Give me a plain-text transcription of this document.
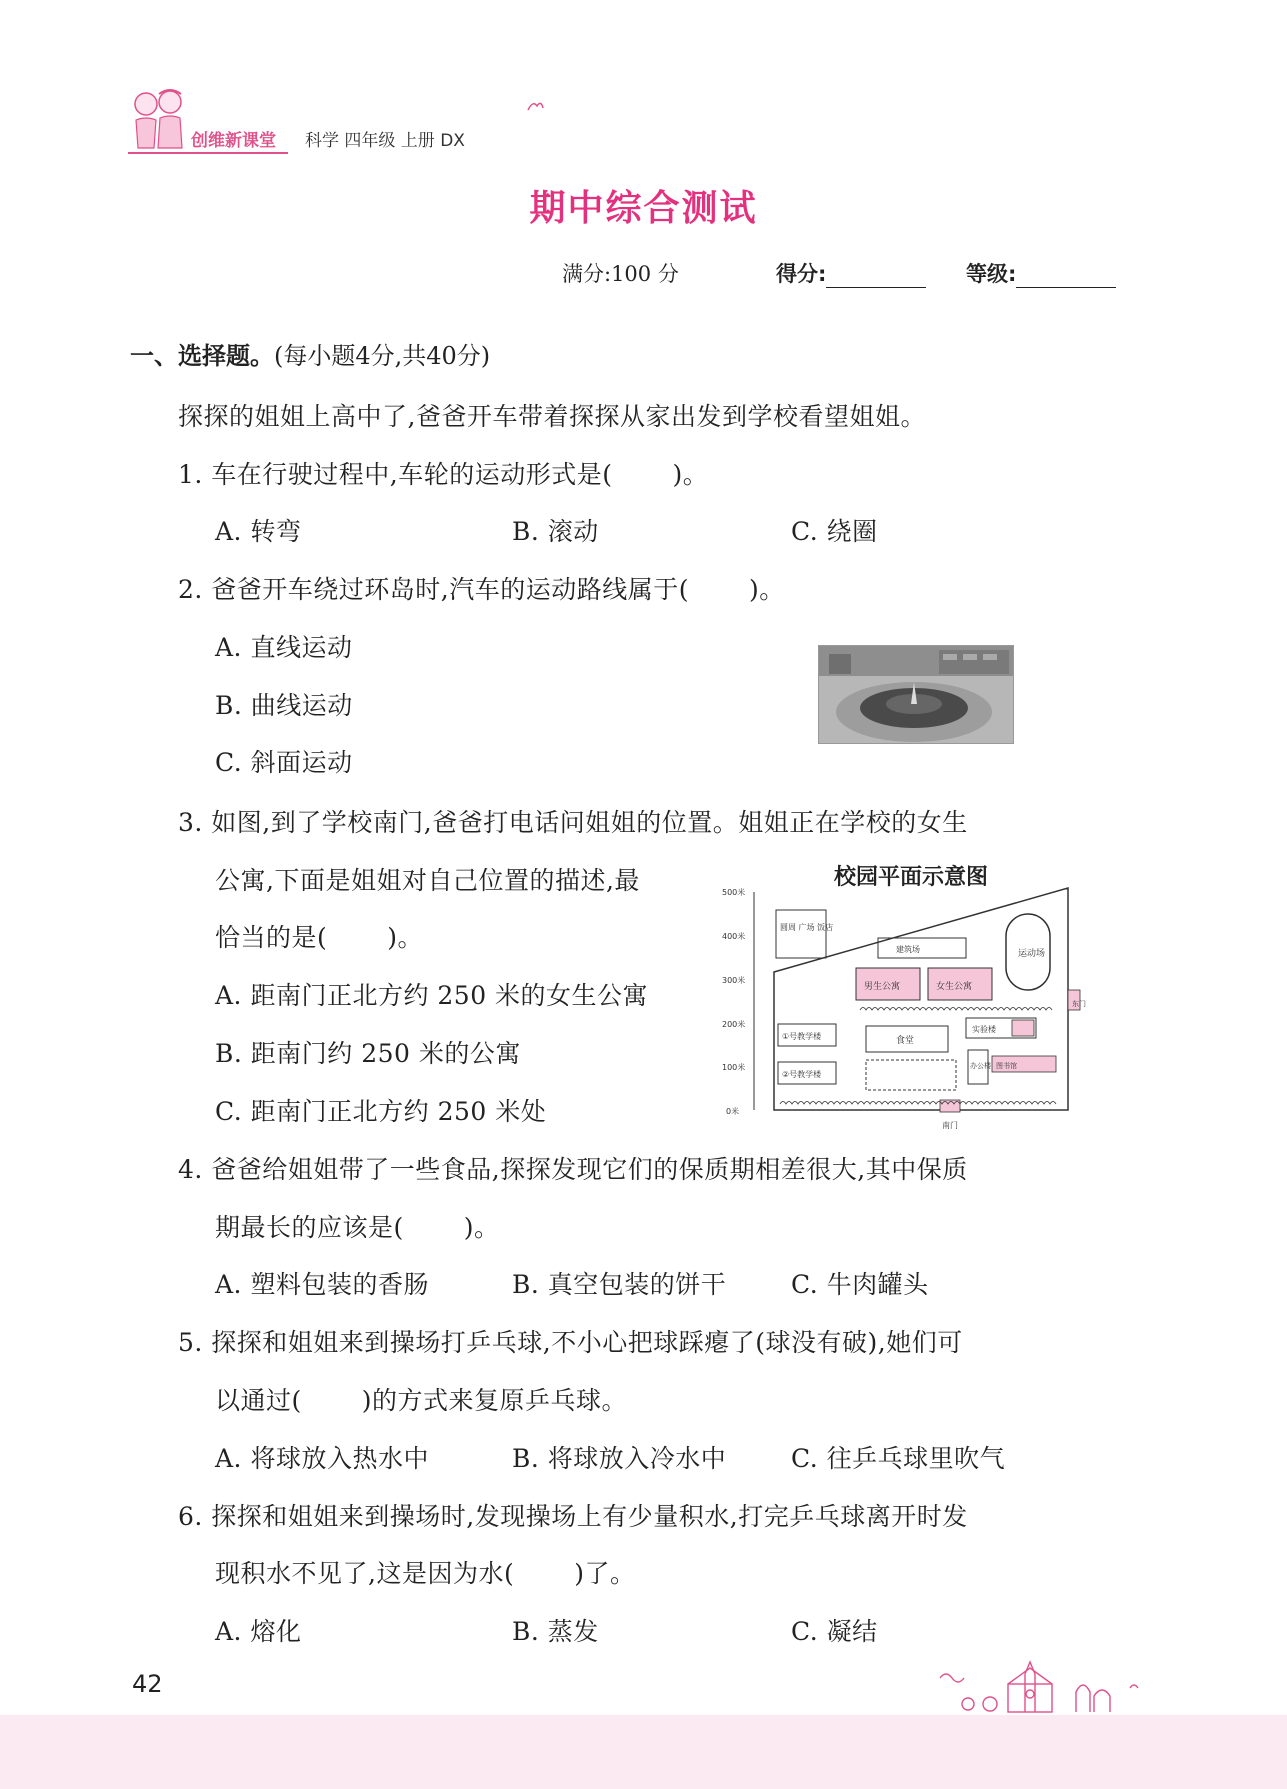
创维新课堂 科学 四年级 上册 DX
期中综合测试
满分:100 分	得分:	等级:
一、选择题。(每小题4分,共40分)
探探的姐姐上高中了,爸爸开车带着探探从家出发到学校看望姐姐。
1. 车在行驶过程中,车轮的运动形式是( )。
A. 转弯	B. 滚动	C. 绕圈
2. 爸爸开车绕过环岛时,汽车的运动路线属于( )。
A. 直线运动
B. 曲线运动
C. 斜面运动
3. 如图,到了学校南门,爸爸打电话问姐姐的位置。姐姐正在学校的女生
公寓,下面是姐姐对自己位置的描述,最
恰当的是( )。
A. 距南门正北方约 250 米的女生公寓
B. 距南门约 250 米的公寓
C. 距南门正北方约 250 米处
校园平面示意图
500米
400米
300米
200米
100米
0米
圆周 广场 饭店
建筑场	运动场
男生公寓	女生公寓
①号教学楼
②号教学楼
食堂
实验楼
办公楼 图书馆
东门
南门
4. 爸爸给姐姐带了一些食品,探探发现它们的保质期相差很大,其中保质
期最长的应该是( )。
A. 塑料包装的香肠	B. 真空包装的饼干	C. 牛肉罐头
5. 探探和姐姐来到操场打乒乓球,不小心把球踩瘪了(球没有破),她们可
以通过( )的方式来复原乒乓球。
A. 将球放入热水中	B. 将球放入冷水中	C. 往乒乓球里吹气
6. 探探和姐姐来到操场时,发现操场上有少量积水,打完乒乓球离开时发
现积水不见了,这是因为水( )了。
A. 熔化	B. 蒸发	C. 凝结
42
